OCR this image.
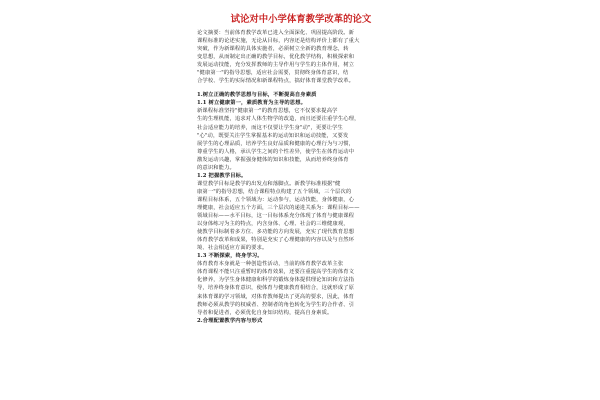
试论对中小学体育教学改革的论文
论文摘要：当前体育教学改革已进入全面深化、巩固提高阶段。新
课程标准的论述实施，无论从目标，内容还是结构评价上都有了重大
突破，作为新课程的具体实施者，必须树立全新的教育理念，转
变思想，从而制定出正确的教学目标，优化教学结构，积极探索和
发展运动技能，充分发挥教师的主导作用与学生的主体作用，树立
"健康第一"的指导思想，适应社会需要，贯彻终身体育意识，结
合学校、学生的实际情况和新课程特点，搞好体育课堂教学改革。
1.树立正确的教学思想与目标，不断提高自身素质
1.1 树立健康第一，素质教育为主导的思想。
新课程标准坚持"健康第一"的教育思想，它不仅要求提高学
生的生理机能，追求对人体生物学的改造，而且还要注重学生心理，
社会适应能力的培养，而这不仅要让学生身"动"，更要让学生
"心"动，既要关注学生掌握基本的运动知识和运动技能，又要发
展学生的心理品质，培养学生良好品质和健康的心理行为与习惯，
尊重学生的人格，承认学生之间的个性差异，使学生在体育运动中
激发运动兴趣，掌握强身健体的知识和技能，从而培养终身体育
的意识和能力。
1.2 把握教学目标。
课堂教学目标是教学的出发点和落脚点。新教学标准根据"健
康第一"的指导思想，结合课程特点构建了五个领域，三个层次的
课程目标体系，五个领域为：运动参与，运动技能，身体健康，心
理健康，社会适应五个方面，三个层次的递进关系为：课程目标——
领域目标——水平目标，这一目标体系充分体现了体育与健康课程
以身体练习为主的特点，内含身体、心理、社会的三维健康观，
使教学目标制着多方位、多功能的方向发展，充实了现代教育思想
体育教学改革和成果，特别是充实了心理健康的内容以及与自然环
境、社会相适应方面的要求。
1.3 不断探索，终身学习。
体育教育本身就是一种创造性活动，当前的体育教学改革主张
体育课程不能只注重暂时的体育效果，还要注重提高学生的体育文
化修养，为学生身体健康和科学的锻炼身体提供理论知识和方法指
导，培养终身体育意识，使体育与健康教育相结合，这就形成了原
来体育课的学习领域，对体育教师提出了更高的要求，因此，体育
教师必须从教学的权威者、控制者的角色转化为学生的合作者、引
导者和促进者，必须优化自身知识结构，提高自身素质。
2.合理配置教学内容与形式
